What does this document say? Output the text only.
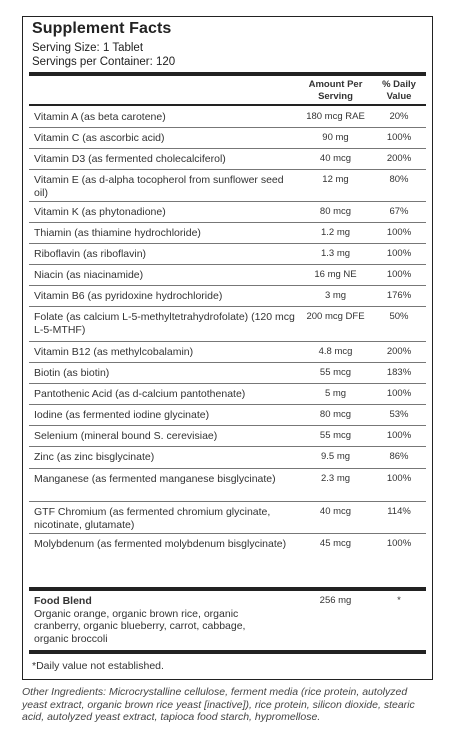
Supplement Facts
Serving Size: 1 Tablet
Servings per Container: 120
Amount Per
Serving
% Daily
Value
Vitamin A (as beta carotene)	180 mcg RAE	20%
Vitamin C (as ascorbic acid)	90 mg	100%
Vitamin D3 (as fermented cholecalciferol)	40 mcg	200%
Vitamin E (as d-alpha tocopherol from sunflower seed oil)
12 mg	80%
Vitamin K (as phytonadione)	80 mcg	67%
Thiamin (as thiamine hydrochloride)	1.2 mg	100%
Riboflavin (as riboflavin)	1.3 mg	100%
Niacin (as niacinamide)	16 mg NE	100%
Vitamin B6 (as pyridoxine hydrochloride)	3 mg	176%
Folate (as calcium L-5-methyltetrahydrofolate) (120 mcg L-5-MTHF)
200 mcg DFE	50%
Vitamin B12 (as methylcobalamin)	4.8 mcg	200%
Biotin (as biotin)	55 mcg	183%
Pantothenic Acid (as d-calcium pantothenate)	5 mg	100%
Iodine (as fermented iodine glycinate)	80 mcg	53%
Selenium (mineral bound S. cerevisiae)	55 mcg	100%
Zinc (as zinc bisglycinate)	9.5 mg	86%
Manganese (as fermented manganese bisglycinate)	2.3 mg	100%
GTF Chromium (as fermented chromium glycinate, nicotinate, glutamate)
40 mcg	114%
Molybdenum (as fermented molybdenum bisglycinate)	45 mcg	100%
Food Blend
Organic orange, organic brown rice, organic cranberry, organic blueberry, carrot, cabbage, organic broccoli
256 mg	*
*Daily value not established.
Other Ingredients: Microcrystalline cellulose, ferment media (rice protein, autolyzed yeast extract, organic brown rice yeast [inactive]), rice protein, silicon dioxide, stearic acid, autolyzed yeast extract, tapioca food starch, hypromellose.
